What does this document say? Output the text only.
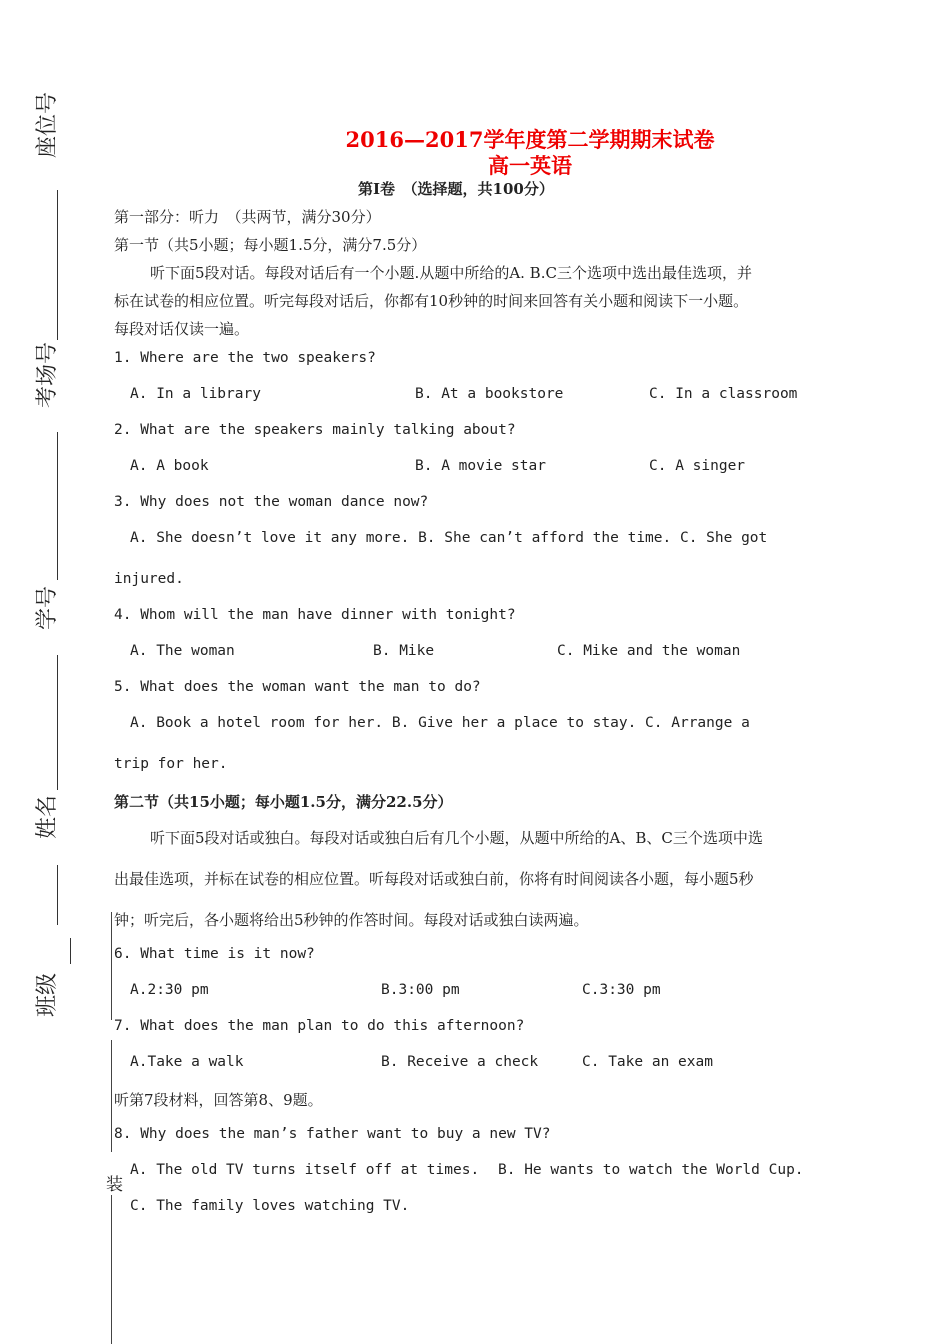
座位号
考场号
学号
姓名
班级
装
2016—2017学年度第二学期期末试卷
高一英语
第Ⅰ卷　（选择题，共100分）
第一部分：听力　（共两节，满分30分）
第一节（共5小题；每小题1.5分，满分7.5分）
听下面5段对话。每段对话后有一个小题.从题中所给的A. B.C三个选项中选出最佳选项，并
标在试卷的相应位置。听完每段对话后，你都有10秒钟的时间来回答有关小题和阅读下一小题。
每段对话仅读一遍。
1. Where are the two speakers?
A. In a library	B. At a bookstore	C. In a classroom
2. What are the speakers mainly talking about?
A. A book	B. A movie star	C. A singer
3. Why does not the woman dance now?
A. She doesn’t love it any more. B. She can’t afford the time. C. She got
injured.
4. Whom will the man have dinner with tonight?
A. The woman	B. Mike	C. Mike and the woman
5. What does the woman want the man to do?
A. Book a hotel room for her. B. Give her a place to stay. C. Arrange a
trip for her.
第二节（共15小题；每小题1.5分，满分22.5分）
听下面5段对话或独白。每段对话或独白后有几个小题，从题中所给的A、B、C三个选项中选
出最佳选项，并标在试卷的相应位置。听每段对话或独白前，你将有时间阅读各小题，每小题5秒
钟；听完后，各小题将给出5秒钟的作答时间。每段对话或独白读两遍。
6. What time is it now?
A.2:30 pm	B.3:00 pm	C.3:30 pm
7. What does the man plan to do this afternoon?
A.Take a walk	B. Receive a check	C. Take an exam
听第7段材料，回答第8、9题。
8. Why does the man’s father want to buy a new TV?
A. The old TV turns itself off at times. B. He wants to watch the World Cup.
C. The family loves watching TV.
